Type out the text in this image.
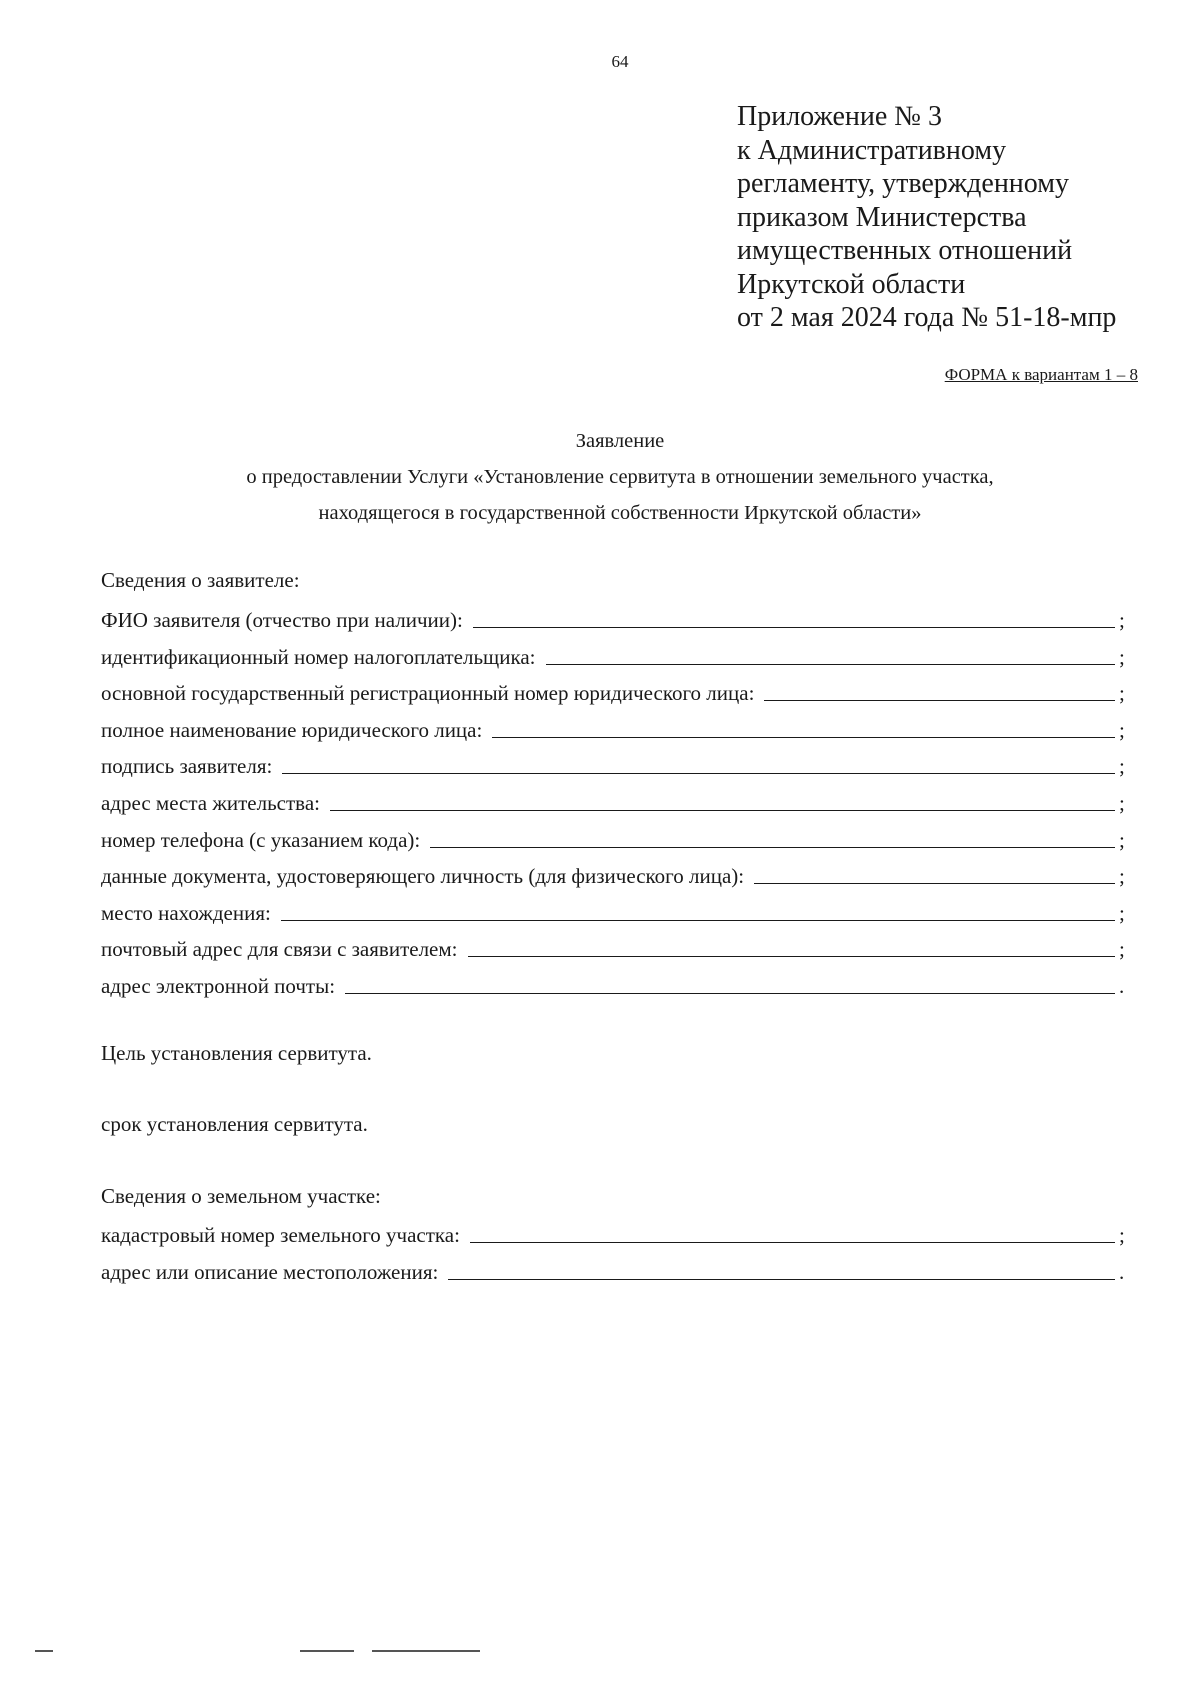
64
Приложение № 3
к Административному
регламенту, утвержденному
приказом Министерства
имущественных отношений
Иркутской области
от 2 мая 2024 года № 51-18-мпр
ФОРМА к вариантам 1 – 8
Заявление
о предоставлении Услуги «Установление сервитута в отношении земельного участка,
находящегося в государственной собственности Иркутской области»
Сведения о заявителе:
ФИО заявителя (отчество при наличии):	;
идентификационный номер налогоплательщика:	;
основной государственный регистрационный номер юридического лица:	;
полное наименование юридического лица:	;
подпись заявителя:	;
адрес места жительства:	;
номер телефона (с указанием кода):	;
данные документа, удостоверяющего личность (для физического лица):	;
место нахождения:	;
почтовый адрес для связи с заявителем:	;
адрес электронной почты:	.
Цель установления сервитута.
срок установления сервитута.
Сведения о земельном участке:
кадастровый номер земельного участка:	;
адрес или описание местоположения:	.
